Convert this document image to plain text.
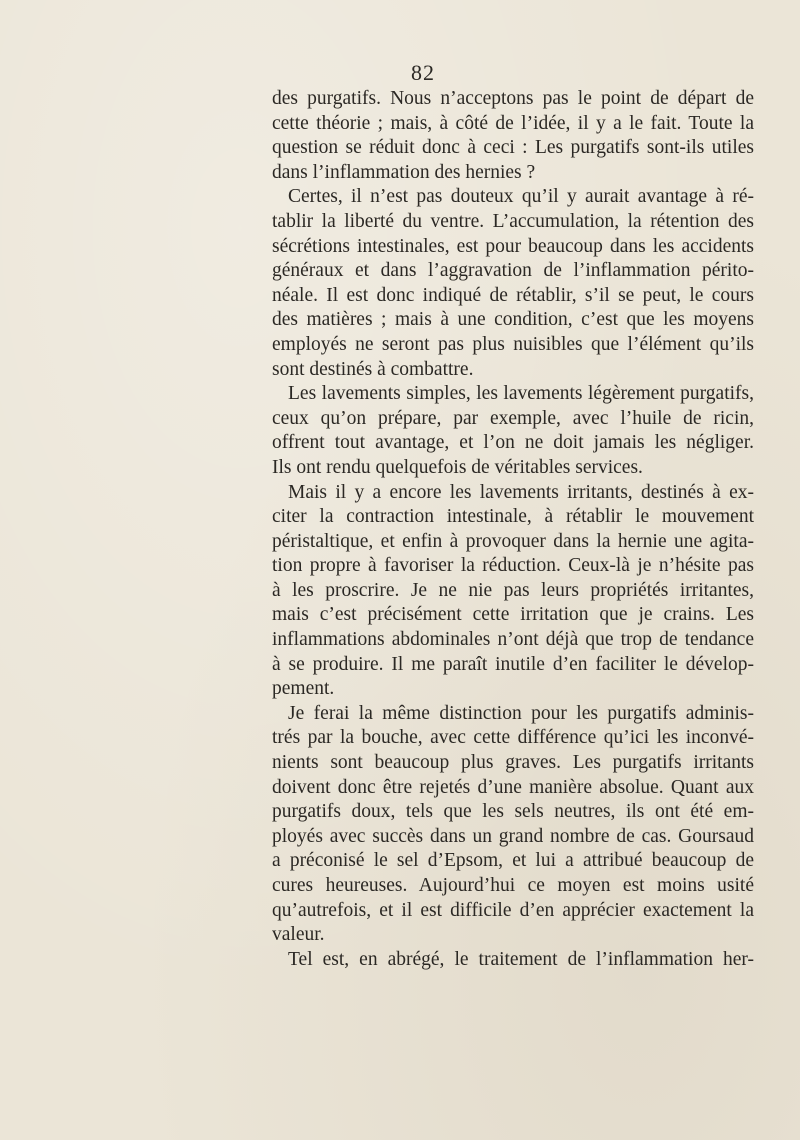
82
des purgatifs. Nous n’acceptons pas le point de départ de
cette théorie ; mais, à côté de l’idée, il y a le fait. Toute la
question se réduit donc à ceci : Les purgatifs sont-ils utiles
dans l’inflammation des hernies ?
Certes, il n’est pas douteux qu’il y aurait avantage à ré-
tablir la liberté du ventre. L’accumulation, la rétention des
sécrétions intestinales, est pour beaucoup dans les accidents
généraux et dans l’aggravation de l’inflammation périto-
néale. Il est donc indiqué de rétablir, s’il se peut, le cours
des matières ; mais à une condition, c’est que les moyens
employés ne seront pas plus nuisibles que l’élément qu’ils
sont destinés à combattre.
Les lavements simples, les lavements légèrement purgatifs,
ceux qu’on prépare, par exemple, avec l’huile de ricin,
offrent tout avantage, et l’on ne doit jamais les négliger.
Ils ont rendu quelquefois de véritables services.
Mais il y a encore les lavements irritants, destinés à ex-
citer la contraction intestinale, à rétablir le mouvement
péristaltique, et enfin à provoquer dans la hernie une agita-
tion propre à favoriser la réduction. Ceux-là je n’hésite pas
à les proscrire. Je ne nie pas leurs propriétés irritantes,
mais c’est précisément cette irritation que je crains. Les
inflammations abdominales n’ont déjà que trop de tendance
à se produire. Il me paraît inutile d’en faciliter le dévelop-
pement.
Je ferai la même distinction pour les purgatifs adminis-
trés par la bouche, avec cette différence qu’ici les inconvé-
nients sont beaucoup plus graves. Les purgatifs irritants
doivent donc être rejetés d’une manière absolue. Quant aux
purgatifs doux, tels que les sels neutres, ils ont été em-
ployés avec succès dans un grand nombre de cas. Goursaud
a préconisé le sel d’Epsom, et lui a attribué beaucoup de
cures heureuses. Aujourd’hui ce moyen est moins usité
qu’autrefois, et il est difficile d’en apprécier exactement la
valeur.
Tel est, en abrégé, le traitement de l’inflammation her-
